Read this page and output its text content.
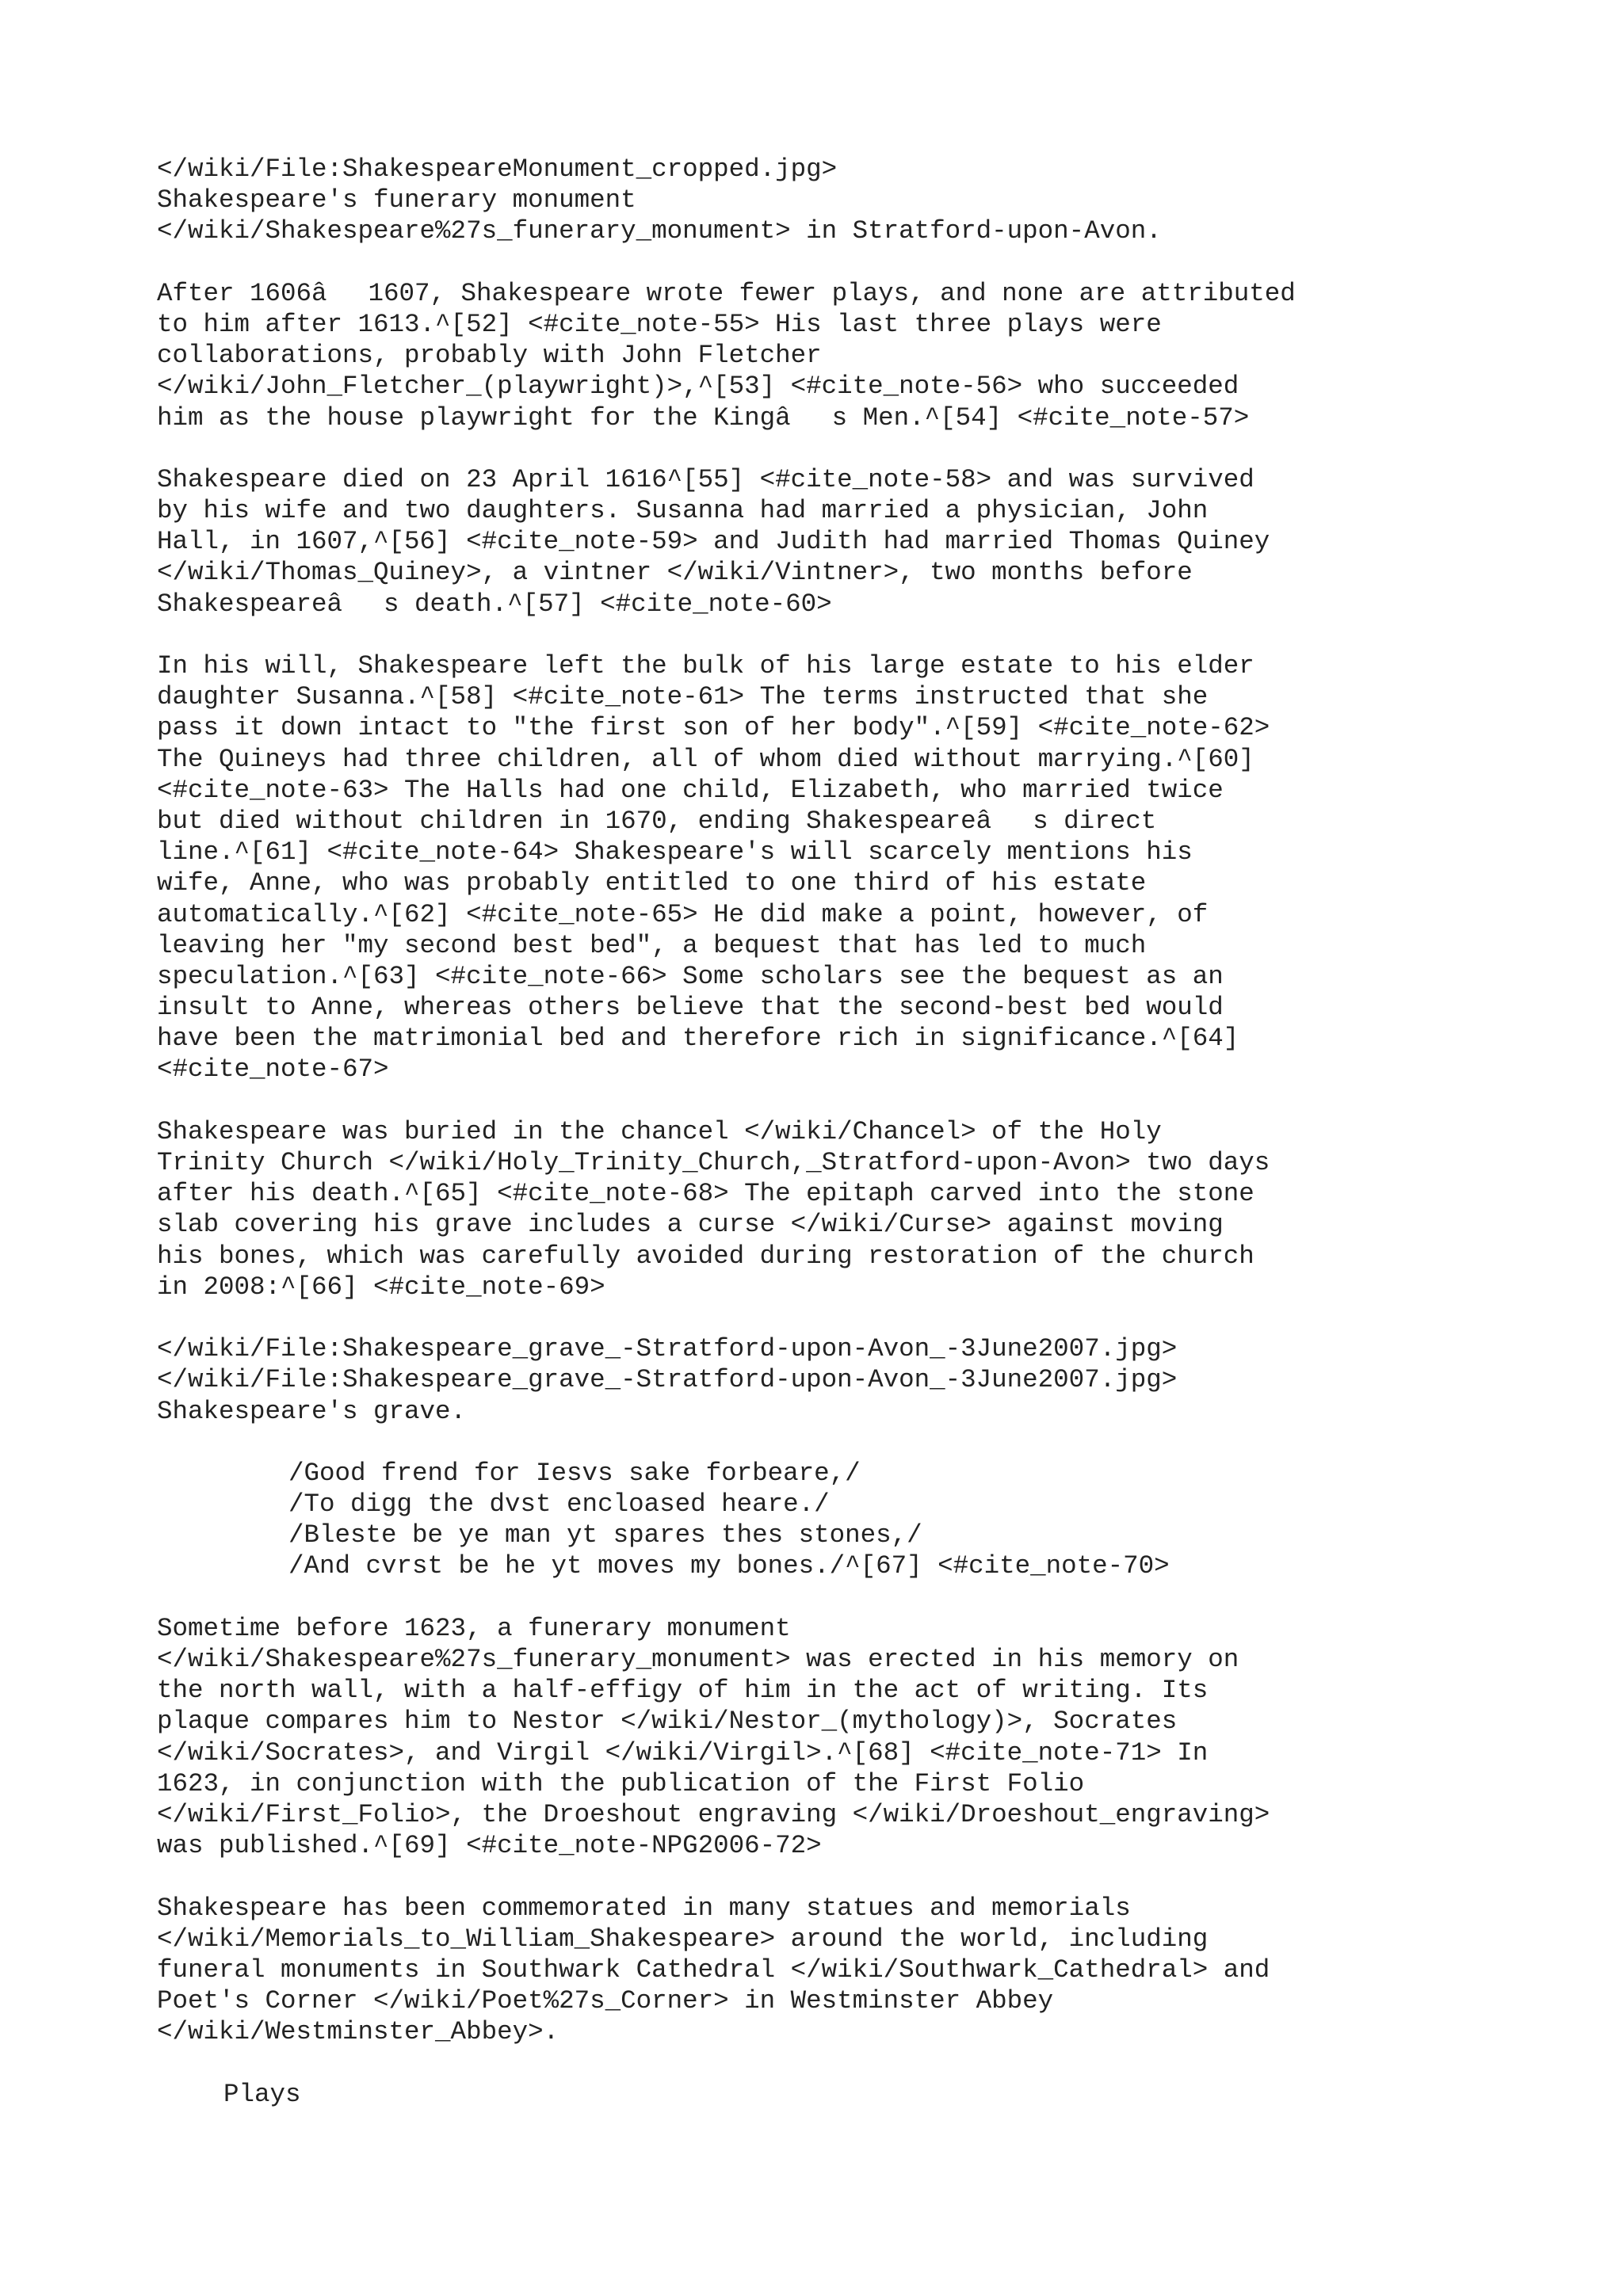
</wiki/File:ShakespeareMonument_cropped.jpg>
Shakespeare's funerary monument
</wiki/Shakespeare%27s_funerary_monument> in Stratford-upon-Avon.
After 1606â1607, Shakespeare wrote fewer plays, and none are attributed
to him after 1613.^[52] <#cite_note-55> His last three plays were
collaborations, probably with John Fletcher
</wiki/John_Fletcher_(playwright)>,^[53] <#cite_note-56> who succeeded
him as the house playwright for the Kingâs Men.^[54] <#cite_note-57>
Shakespeare died on 23 April 1616^[55] <#cite_note-58> and was survived
by his wife and two daughters. Susanna had married a physician, John
Hall, in 1607,^[56] <#cite_note-59> and Judith had married Thomas Quiney
</wiki/Thomas_Quiney>, a vintner </wiki/Vintner>, two months before
Shakespeareâs death.^[57] <#cite_note-60>
In his will, Shakespeare left the bulk of his large estate to his elder
daughter Susanna.^[58] <#cite_note-61> The terms instructed that she
pass it down intact to "the first son of her body".^[59] <#cite_note-62>
The Quineys had three children, all of whom died without marrying.^[60]
<#cite_note-63> The Halls had one child, Elizabeth, who married twice
but died without children in 1670, ending Shakespeareâs direct
line.^[61] <#cite_note-64> Shakespeare's will scarcely mentions his
wife, Anne, who was probably entitled to one third of his estate
automatically.^[62] <#cite_note-65> He did make a point, however, of
leaving her "my second best bed", a bequest that has led to much
speculation.^[63] <#cite_note-66> Some scholars see the bequest as an
insult to Anne, whereas others believe that the second-best bed would
have been the matrimonial bed and therefore rich in significance.^[64]
<#cite_note-67>
Shakespeare was buried in the chancel </wiki/Chancel> of the Holy
Trinity Church </wiki/Holy_Trinity_Church,_Stratford-upon-Avon> two days
after his death.^[65] <#cite_note-68> The epitaph carved into the stone
slab covering his grave includes a curse </wiki/Curse> against moving
his bones, which was carefully avoided during restoration of the church
in 2008:^[66] <#cite_note-69>
</wiki/File:Shakespeare_grave_-Stratford-upon-Avon_-3June2007.jpg>
</wiki/File:Shakespeare_grave_-Stratford-upon-Avon_-3June2007.jpg>
Shakespeare's grave.
/Good frend for Iesvs sake forbeare,/
/To digg the dvst encloased heare./
/Bleste be ye man yt spares thes stones,/
/And cvrst be he yt moves my bones./^[67] <#cite_note-70>
Sometime before 1623, a funerary monument
</wiki/Shakespeare%27s_funerary_monument> was erected in his memory on
the north wall, with a half-effigy of him in the act of writing. Its
plaque compares him to Nestor </wiki/Nestor_(mythology)>, Socrates
</wiki/Socrates>, and Virgil </wiki/Virgil>.^[68] <#cite_note-71> In
1623, in conjunction with the publication of the First Folio
</wiki/First_Folio>, the Droeshout engraving </wiki/Droeshout_engraving>
was published.^[69] <#cite_note-NPG2006-72>
Shakespeare has been commemorated in many statues and memorials
</wiki/Memorials_to_William_Shakespeare> around the world, including
funeral monuments in Southwark Cathedral </wiki/Southwark_Cathedral> and
Poet's Corner </wiki/Poet%27s_Corner> in Westminster Abbey
</wiki/Westminster_Abbey>.
Plays
